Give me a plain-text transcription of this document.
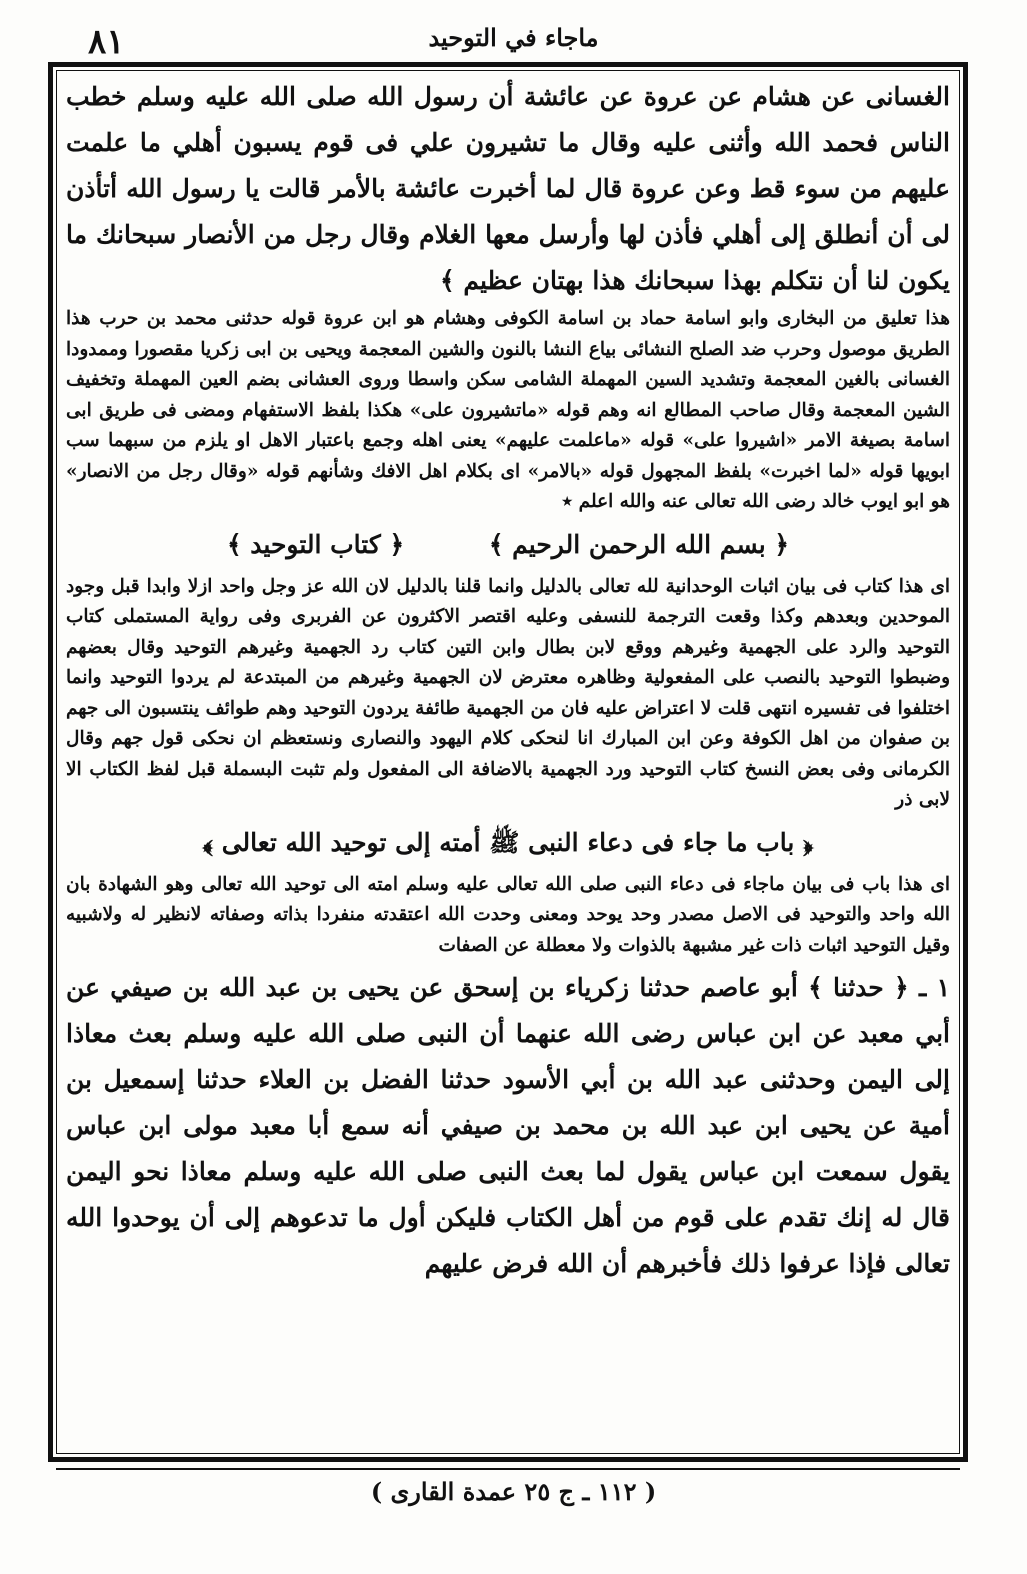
٨١	ماجاء في التوحيد

الغسانى عن هشام عن عروة عن عائشة أن رسول الله صلى الله عليه وسلم خطب الناس فحمد الله وأثنى عليه وقال ما تشيرون علي فى قوم يسبون أهلي ما علمت عليهم من سوء قط وعن عروة قال لما أخبرت عائشة بالأمر قالت يا رسول الله أتأذن لى أن أنطلق إلى أهلي فأذن لها وأرسل معها الغلام وقال رجل من الأنصار سبحانك ما يكون لنا أن نتكلم بهذا سبحانك هذا بهتان عظيم ﴾

هذا تعليق من البخارى وابو اسامة حماد بن اسامة الكوفى وهشام هو ابن عروة قوله حدثنى محمد بن حرب هذا الطريق موصول وحرب ضد الصلح النشائى بياع النشا بالنون والشين المعجمة ويحيى بن ابى زكريا مقصورا وممدودا الغسانى بالغين المعجمة وتشديد السين المهملة الشامى سكن واسطا وروى العشانى بضم العين المهملة وتخفيف الشين المعجمة وقال صاحب المطالع انه وهم قوله «ماتشيرون على» هكذا بلفظ الاستفهام ومضى فى طريق ابى اسامة بصيغة الامر «اشيروا على» قوله «ماعلمت عليهم» يعنى اهله وجمع باعتبار الاهل او يلزم من سبهما سب ابويها قوله «لما اخبرت» بلفظ المجهول قوله «بالامر» اى بكلام اهل الافك وشأنهم قوله «وقال رجل من الانصار» هو ابو ايوب خالد رضى الله تعالى عنه والله اعلم ٭

﴿ بسم الله الرحمن الرحيم ﴾ ﴿ كتاب التوحيد ﴾

اى هذا كتاب فى بيان اثبات الوحدانية لله تعالى بالدليل وانما قلنا بالدليل لان الله عز وجل واحد ازلا وابدا قبل وجود الموحدين وبعدهم وكذا وقعت الترجمة للنسفى وعليه اقتصر الاكثرون عن الفربرى وفى رواية المستملى كتاب التوحيد والرد على الجهمية وغيرهم ووقع لابن بطال وابن التين كتاب رد الجهمية وغيرهم التوحيد وقال بعضهم وضبطوا التوحيد بالنصب على المفعولية وظاهره معترض لان الجهمية وغيرهم من المبتدعة لم يردوا التوحيد وانما اختلفوا فى تفسيره انتهى قلت لا اعتراض عليه فان من الجهمية طائفة يردون التوحيد وهم طوائف ينتسبون الى جهم بن صفوان من اهل الكوفة وعن ابن المبارك انا لنحكى كلام اليهود والنصارى ونستعظم ان نحكى قول جهم وقال الكرمانى وفى بعض النسخ كتاب التوحيد ورد الجهمية بالاضافة الى المفعول ولم تثبت البسملة قبل لفظ الكتاب الا لابى ذر

﴿ باب ما جاء فى دعاء النبى ﷺ أمته إلى توحيد الله تعالى ﴾

اى هذا باب فى بيان ماجاء فى دعاء النبى صلى الله تعالى عليه وسلم امته الى توحيد الله تعالى وهو الشهادة بان الله واحد والتوحيد فى الاصل مصدر وحد يوحد ومعنى وحدت الله اعتقدته منفردا بذاته وصفاته لانظير له ولاشبيه وقيل التوحيد اثبات ذات غير مشبهة بالذوات ولا معطلة عن الصفات

١ ـ ﴿ حدثنا ﴾ أبو عاصم حدثنا زكرياء بن إسحق عن يحيى بن عبد الله بن صيفي عن أبي معبد عن ابن عباس رضى الله عنهما أن النبى صلى الله عليه وسلم بعث معاذا إلى اليمن وحدثنى عبد الله بن أبي الأسود حدثنا الفضل بن العلاء حدثنا إسمعيل بن أمية عن يحيى ابن عبد الله بن محمد بن صيفي أنه سمع أبا معبد مولى ابن عباس يقول سمعت ابن عباس يقول لما بعث النبى صلى الله عليه وسلم معاذا نحو اليمن قال له إنك تقدم على قوم من أهل الكتاب فليكن أول ما تدعوهم إلى أن يوحدوا الله تعالى فإذا عرفوا ذلك فأخبرهم أن الله فرض عليهم

( ١١٢ ـ ج ٢٥ عمدة القارى )
